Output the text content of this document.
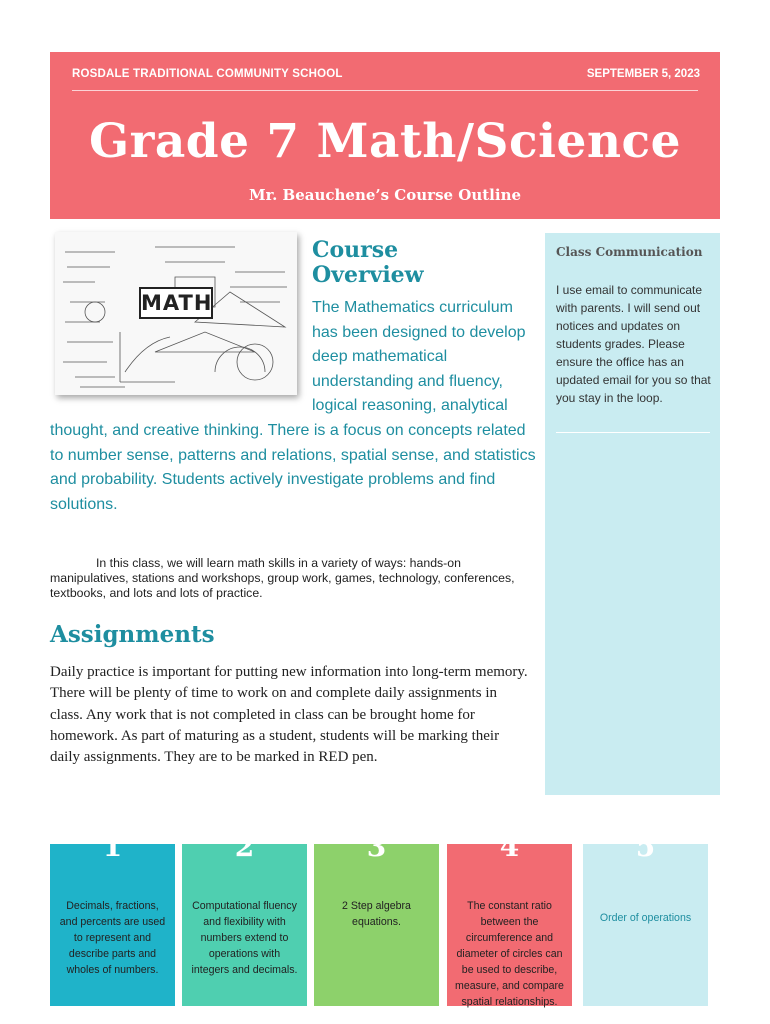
ROSDALE TRADITIONAL COMMUNITY SCHOOL	SEPTEMBER 5, 2023
Grade 7 Math/Science
Mr. Beauchene’s Course Outline
MATH
Course Overview
The Mathematics curriculum has been designed to develop deep mathematical understanding and fluency, logical reasoning, analytical thought, and creative thinking. There is a focus on concepts related to number sense, patterns and relations, spatial sense, and statistics and probability. Students actively investigate problems and find solutions.
In this class, we will learn math skills in a variety of ways: hands-on manipulatives, stations and workshops, group work, games, technology, conferences, textbooks, and lots and lots of practice.
Class Communication
I use email to communicate with parents. I will send out notices and updates on students grades. Please ensure the office has an updated email for you so that you stay in the loop.
Assignments
Daily practice is important for putting new information into long-term memory. There will be plenty of time to work on and complete daily assignments in class. Any work that is not completed in class can be brought home for homework. As part of maturing as a student, students will be marking their daily assignments. They are to be marked in RED pen.
1
Decimals, fractions, and percents are used to represent and describe parts and wholes of numbers.
2
Computational fluency and flexibility with numbers extend to operations with integers and decimals.
3
2 Step algebra equations.
4
The constant ratio between the circumference and diameter of circles can be used to describe, measure, and compare spatial relationships.
5
Order of operations
